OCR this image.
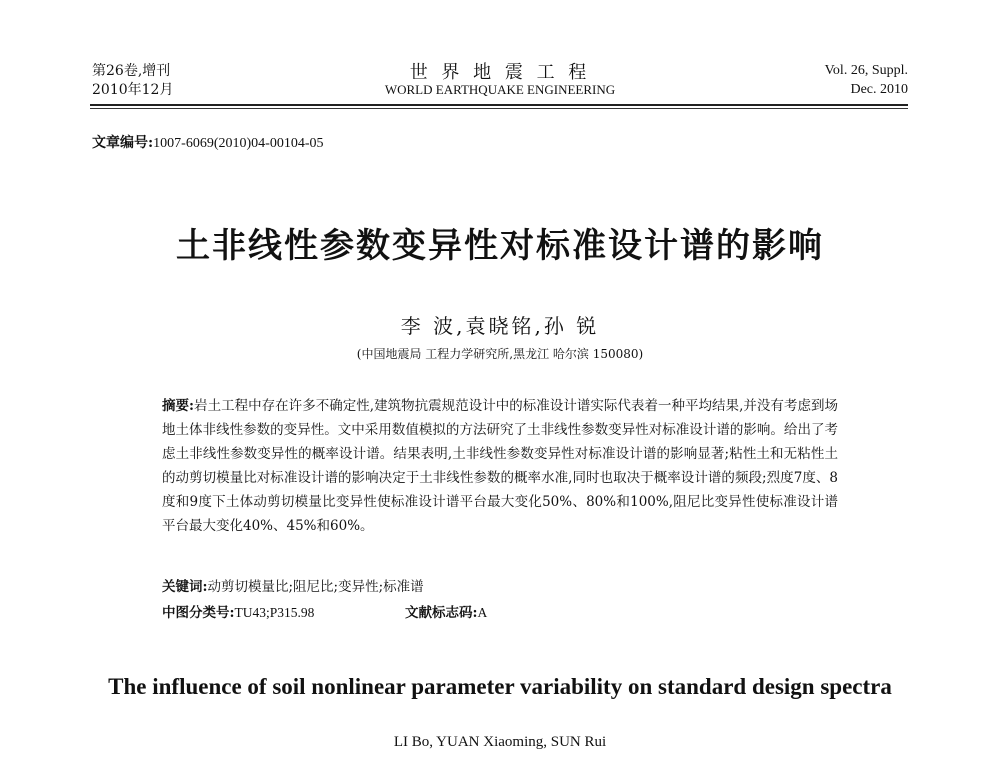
第26卷,增刊
2010年12月
世 界 地 震 工 程
WORLD EARTHQUAKE ENGINEERING
Vol. 26, Suppl.
Dec. 2010
文章编号:1007-6069(2010)04-00104-05
土非线性参数变异性对标准设计谱的影响
李 波,袁晓铭,孙 锐
(中国地震局 工程力学研究所,黑龙江 哈尔滨 150080)
摘要:岩土工程中存在许多不确定性,建筑物抗震规范设计中的标准设计谱实际代表着一种平均结果,并没有考虑到场地土体非线性参数的变异性。文中采用数值模拟的方法研究了土非线性参数变异性对标准设计谱的影响。给出了考虑土非线性参数变异性的概率设计谱。结果表明,土非线性参数变异性对标准设计谱的影响显著;粘性土和无粘性土的动剪切模量比对标准设计谱的影响决定于土非线性参数的概率水准,同时也取决于概率设计谱的频段;烈度7度、8度和9度下土体动剪切模量比变异性使标准设计谱平台最大变化50%、80%和100%,阻尼比变异性使标准设计谱平台最大变化40%、45%和60%。
关键词:动剪切模量比;阻尼比;变异性;标准谱
中图分类号:TU43;P315.98	文献标志码:A
The influence of soil nonlinear parameter variability on standard design spectra
LI Bo, YUAN Xiaoming, SUN Rui
